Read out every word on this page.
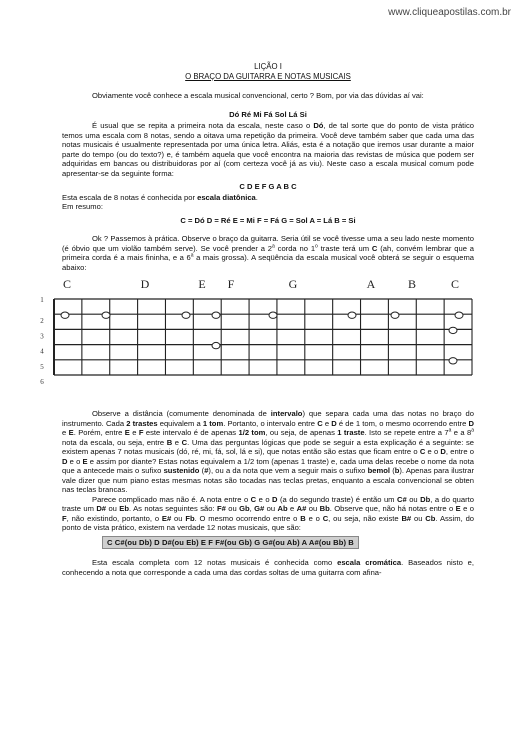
www.cliqueapostilas.com.br
LIÇÃO I
O BRAÇO DA GUITARRA E NOTAS MUSICAIS

Obviamente você conhece a escala musical convencional, certo ? Bom, por via das dúvidas aí vai:

Dó Ré Mi Fá Sol Lá Si

É usual que se repita a primeira nota da escala, neste caso o Dó, de tal sorte que do ponto de vista prático temos uma escala com 8 notas, sendo a oitava uma repetição da primeira. Você deve também saber que cada uma das notas musicais é usualmente representada por uma única letra. Aliás, esta é a notação que iremos usar durante a maior parte do tempo (ou do texto?) e, é também aquela que você encontra na maioria das revistas de música que podem ser adquiridas em bancas ou distribuidoras por aí (com certeza você já as viu). Neste caso a escala musical comum pode apresentar-se da seguinte forma:

C D E F G A B C

Esta escala de 8 notas é conhecida por escala diatônica.

Em resumo:

C = Dó D = Ré E = Mi F = Fá G = Sol A = Lá B = Si

Ok ? Passemos à prática. Observe o braço da guitarra. Seria útil se você tivesse uma a seu lado neste momento (é óbvio que um violão também serve). Se você prender a 2$^a$ corda no 1$^o$ traste terá um C (ah, convém lembrar que a primeira corda é a mais fininha, e a 6$^a$ a mais grossa). A seqüência da escala musical você obterá se seguir o esquema abaixo:

C	D	E F	G	A	B	C
1
2
3
4
5
6

Observe a distância (comumente denominada de intervalo) que separa cada uma das notas no braço do instrumento. Cada 2 trastes equivalem a 1 tom. Portanto, o intervalo entre C e D é de 1 tom, o mesmo ocorrendo entre D e E. Porém, entre E e F este intervalo é de apenas 1/2 tom, ou seja, de apenas 1 traste. Isto se repete entre a 7$^a$ e a 8$^a$ nota da escala, ou seja, entre B e C. Uma das perguntas lógicas que pode se seguir a esta explicação é a seguinte: se existem apenas 7 notas musicais (dó, ré, mi, fá, sol, lá e si), que notas então são estas que ficam entre o C e o D, entre o D e o E e assim por diante? Estas notas equivalem a 1/2 tom (apenas 1 traste) e, cada uma delas recebe o nome da nota que a antecede mais o sufixo sustenido (#), ou a da nota que vem a seguir mais o sufixo bemol (b). Apenas para ilustrar vale dizer que num piano estas mesmas notas são tocadas nas teclas pretas, enquanto a escala convencional se obten nas teclas brancas.

Parece complicado mas não é. A nota entre o C e o D (a do segundo traste) é então um C# ou Db, a do quarto traste um D# ou Eb. As notas seguintes são: F# ou Gb, G# ou Ab e A# ou Bb. Observe que, não há notas entre o E e o F, não existindo, portanto, o E# ou Fb. O mesmo ocorrendo entre o B e o C, ou seja, não existe B# ou Cb. Assim, do ponto de vista prático, existem na verdade 12 notas musicais, que são:

C C#(ou Db) D D#(ou Eb) E F F#(ou Gb) G G#(ou Ab) A A#(ou Bb) B

Esta escala completa com 12 notas musicais é conhecida como escala cromática. Baseados nisto e, conhecendo a nota que corresponde a cada uma das cordas soltas de uma guitarra com afina-
